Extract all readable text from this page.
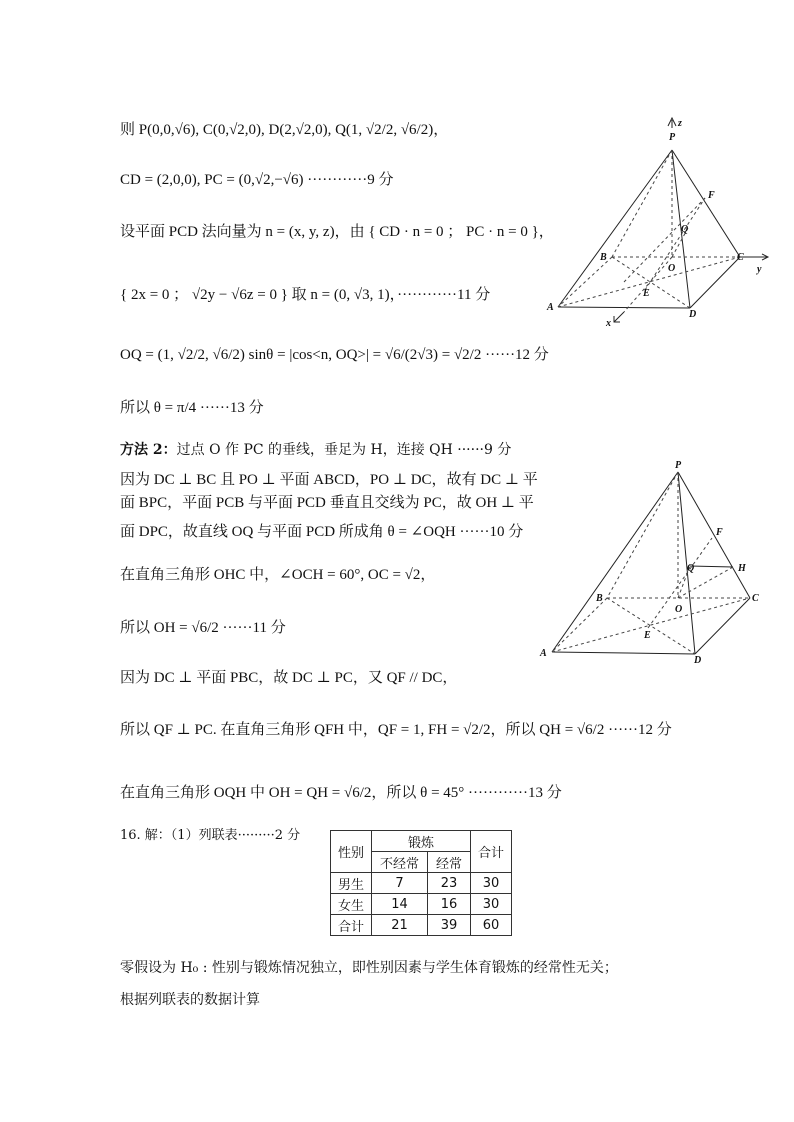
则 P(0,0,√6), C(0,√2,0), D(2,√2,0), Q(1, √2/2, √6/2)，
CD = (2,0,0), PC = (0,√2,−√6) ············9 分
设平面 PCD 法向量为 n = (x, y, z)，由 { CD · n = 0 ； PC · n = 0 }，
{ 2x = 0 ； √2y − √6z = 0 } 取 n = (0, √3, 1)，············11 分
OQ = (1, √2/2, √6/2) sinθ = |cos<n, OQ>| = √6/(2√3) = √2/2 ······12 分
所以 θ = π/4 ······13 分
方法 2：过点 O 作 PC 的垂线，垂足为 H，连接 QH ······9 分
因为 DC ⊥ BC 且 PO ⊥ 平面 ABCD，PO ⊥ DC，故有 DC ⊥ 平
面 BPC，平面 PCB 与平面 PCD 垂直且交线为 PC，故 OH ⊥ 平
面 DPC，故直线 OQ 与平面 PCD 所成角 θ = ∠OQH ······10 分
在直角三角形 OHC 中，∠OCH = 60°, OC = √2，
所以 OH = √6/2 ······11 分
因为 DC ⊥ 平面 PBC，故 DC ⊥ PC，又 QF // DC，
所以 QF ⊥ PC. 在直角三角形 QFH 中，QF = 1, FH = √2/2，所以 QH = √6/2 ······12 分
在直角三角形 OQH 中 OH = QH = √6/2，所以 θ = 45° ············13 分
16. 解：（1）列联表·········2 分
零假设为 H₀ : 性别与锻炼情况独立，即性别因素与学生体育锻炼的经常性无关；
根据列联表的数据计算
P
z
F
Q
B
O
C
y
A
E
D
x
P
F
Q	H
B
O
C
A
E
D
性别	锻炼		合计
	不经常	经常	
男生	7	23	30
女生	14	16	30
合计	21	39	60
